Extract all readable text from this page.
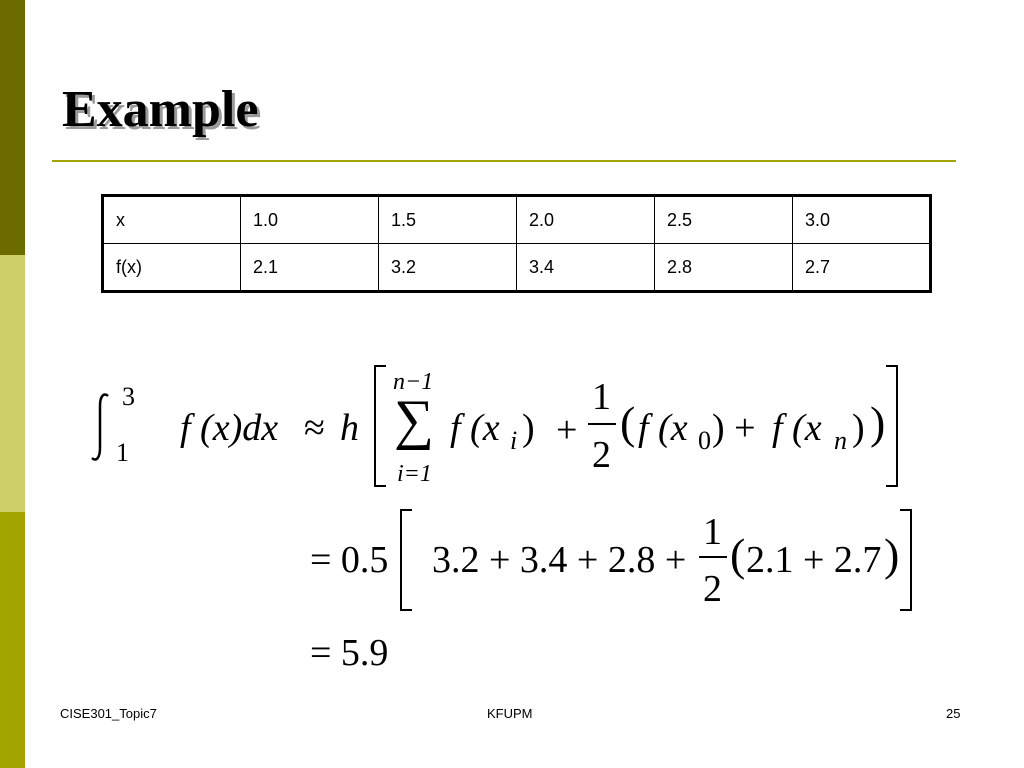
Example
x	1.0	1.5	2.0	2.5	3.0
f(x)	2.1	3.2	3.4	2.8	2.7
3
1
f (x)dx ≈ h
n−1
∑
i=1
f (x i ) +
1
2
( f (x 0 ) + f (x n ) )
= 0.5 3.2 + 3.4 + 2.8 +
1
2
( 2.1 + 2.7 )
= 5.9
CISE301_Topic7	KFUPM	25
